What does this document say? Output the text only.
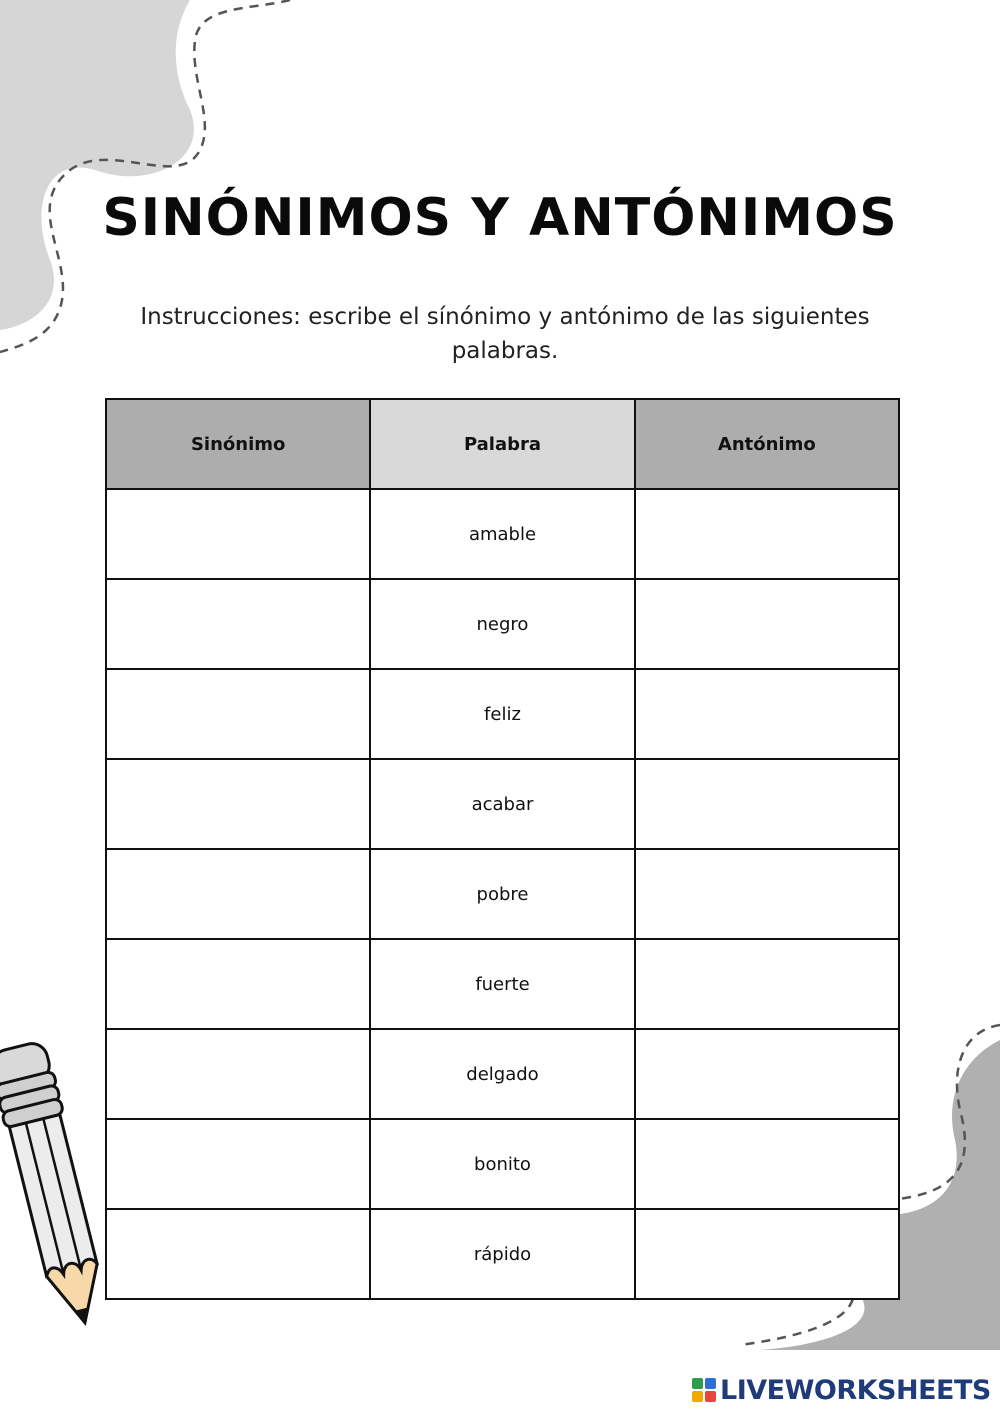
SINÓNIMOS Y ANTÓNIMOS
Instrucciones: escribe el sínónimo y antónimo de las siguientes palabras.
Sinónimo	Palabra	Antónimo
	amable	
	negro	
	feliz	
	acabar	
	pobre	
	fuerte	
	delgado	
	bonito	
	rápido	
LIVEWORKSHEETS
